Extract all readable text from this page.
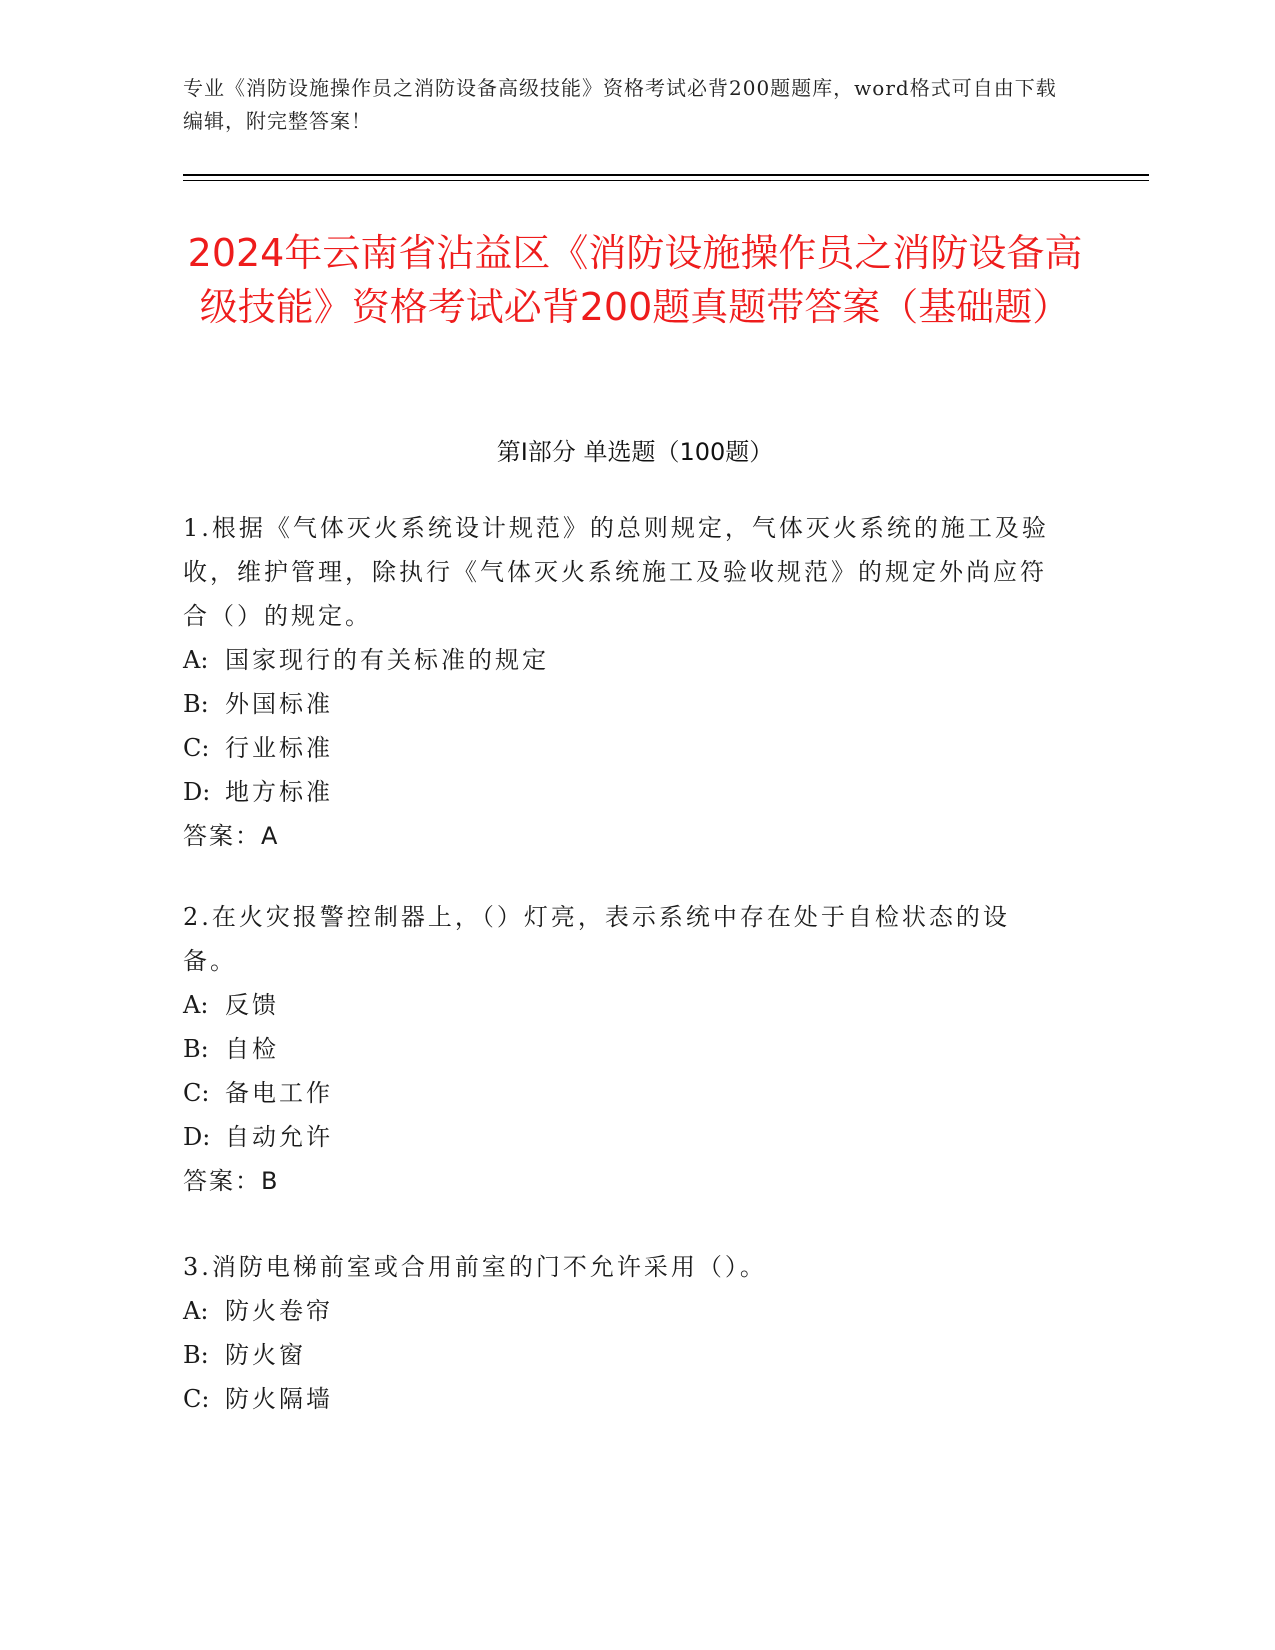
专业《消防设施操作员之消防设备高级技能》资格考试必背200题题库，word格式可自由下载编辑，附完整答案！
2024年云南省沾益区《消防设施操作员之消防设备高级技能》资格考试必背200题真题带答案（基础题）
第Ⅰ部分 单选题（100题）

1.根据《气体灭火系统设计规范》的总则规定，气体灭火系统的施工及验收，维护管理，除执行《气体灭火系统施工及验收规范》的规定外尚应符合（）的规定。

A: 国家现行的有关标准的规定

B: 外国标准

C: 行业标准

D: 地方标准

答案：A

2.在火灾报警控制器上，（）灯亮，表示系统中存在处于自检状态的设备。

A: 反馈

B: 自检

C: 备电工作

D: 自动允许

答案：B

3.消防电梯前室或合用前室的门不允许采用（）。

A: 防火卷帘

B: 防火窗

C: 防火隔墙
